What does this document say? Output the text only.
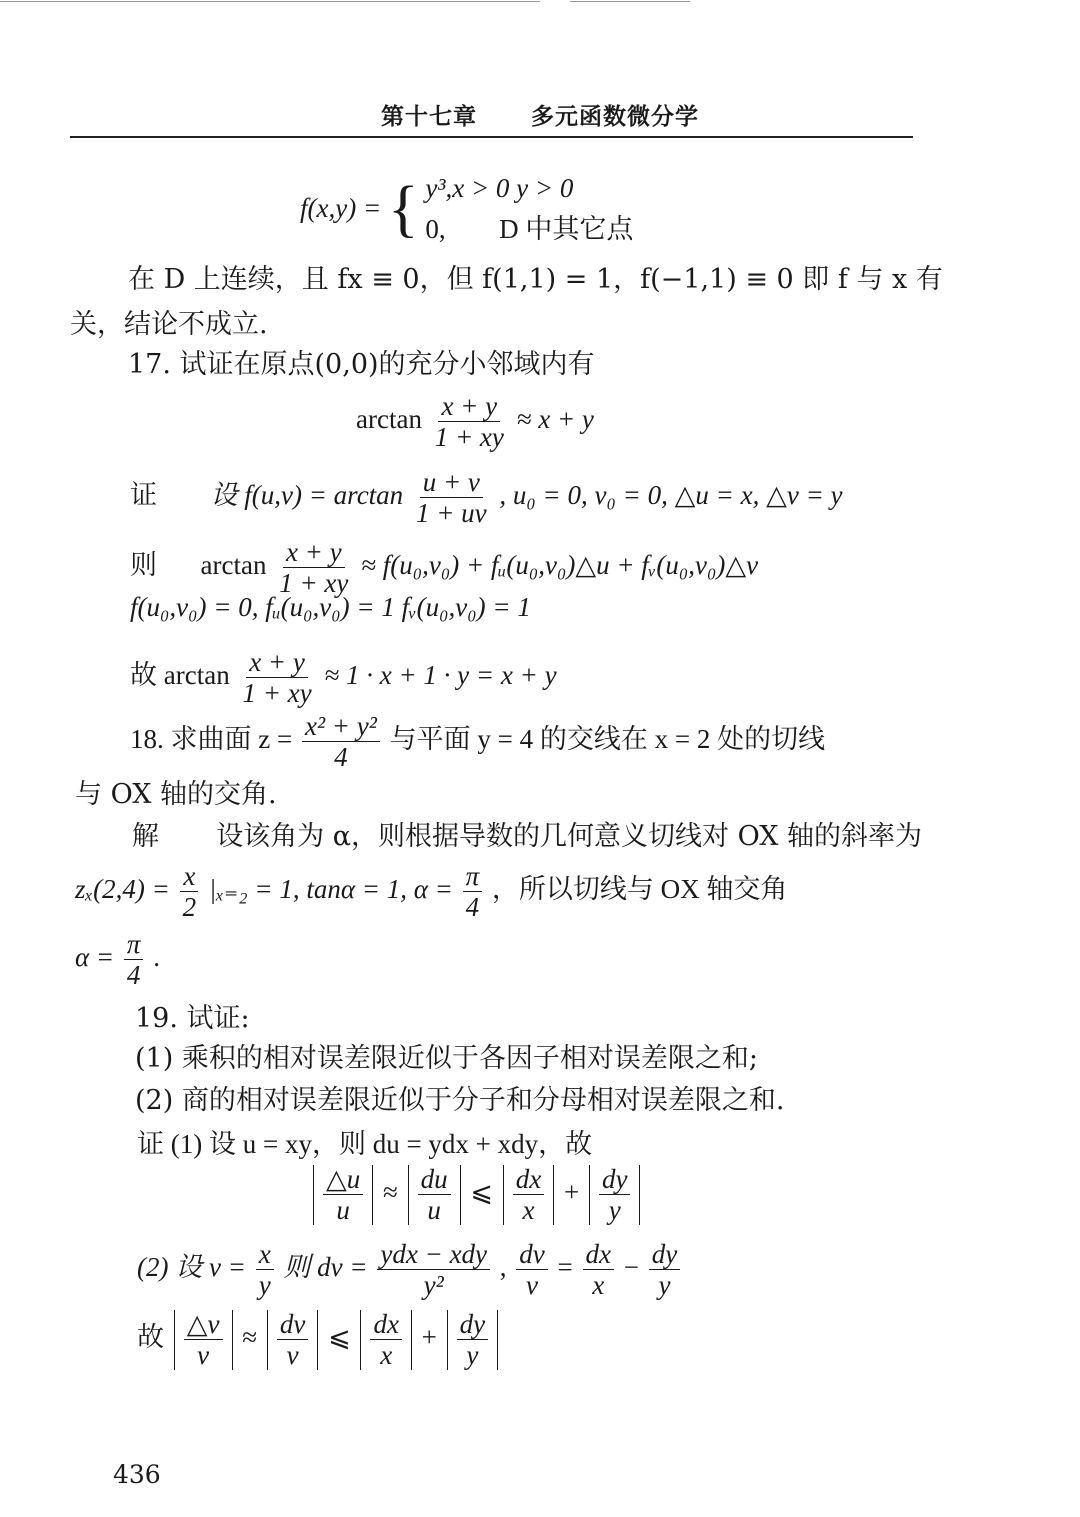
第十七章 多元函数微分学
f(x,y) = { y³,x > 0 y > 0
0, D 中其它点
在 D 上连续，且 fx ≡ 0，但 f(1,1) = 1，f(−1,1) ≡ 0 即 f 与 x 有
关，结论不成立.
17. 试证在原点(0,0)的充分小邻域内有
$\arctan \frac{x + y}{1 + xy} \approx x + y$
证 设 $f(u,v) = \arctan \frac{u + v}{1 + uv}$ , u₀ = 0, v₀ = 0, △u = x, △v = y
则 $\arctan \frac{x + y}{1 + xy} \approx f(u_0,v_0)$ + fᵤ(u₀,v₀)△u + fᵥ(u₀,v₀)△v
f(u₀,v₀) = 0, fᵤ(u₀,v₀) = 1 fᵥ(u₀,v₀) = 1
故 $\arctan \frac{x + y}{1 + xy} \approx 1 \cdot x + 1 \cdot y = x + y$
18. 求曲面 $z = \frac{\text{x² + y²}}{4}$ 与平面 y = 4 的交线在 x = 2 处的切线
与 OX 轴的交角.
解 设该角为 α，则根据导数的几何意义切线对 OX 轴的斜率为
$z_x(2,4) = \frac{x}{2} |_{x=2} = 1$, tanα = 1, $\alpha = \frac{\pi}{4}$ ，所以切线与 OX 轴交角
$\alpha = \frac{\pi}{4}$ .
19. 试证:
(1) 乘积的相对误差限近似于各因子相对误差限之和;
(2) 商的相对误差限近似于分子和分母相对误差限之和.
证 (1) 设 u = xy，则 du = ydx + xdy，故
$\frac{\triangle u}{u} \approx \frac{du}{u}$ ⩽ $\frac{dx}{x} + \frac{dy}{y}$
(2) 设 $v = \frac{x}{y}$ 则 dv = $\frac{\text{ydx − xdy}}{\text{y²}}$ , $\frac{dv}{v} = \frac{dx}{x} - \frac{dy}{y}$
故 $\frac{\triangle v}{v} \approx \frac{dv}{v}$ ⩽ $\frac{dx}{x} + \frac{dy}{y}$
436
